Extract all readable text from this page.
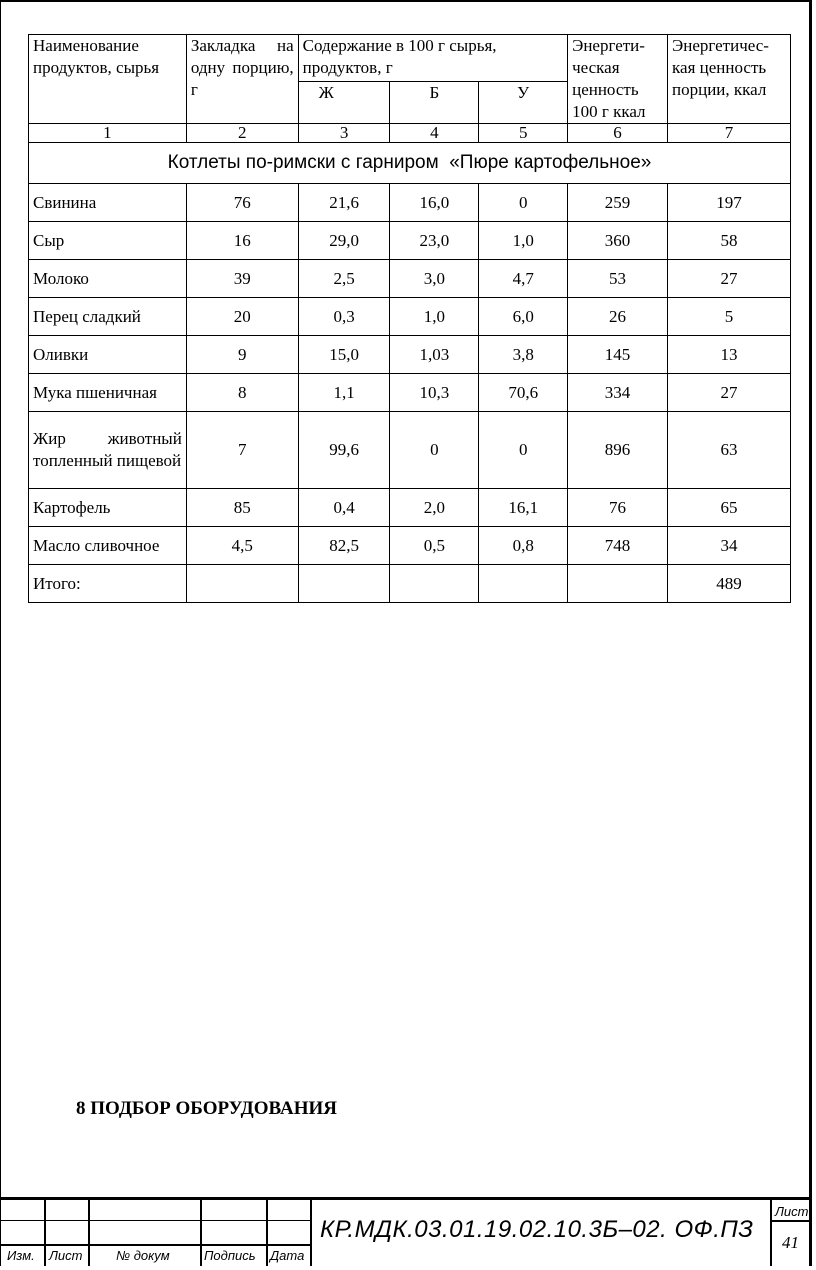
Наименование продуктов, сырья	Закладка на одну порцию, г	Содержание в 100 г сырья, продуктов, г			Энергети-ческая ценность 100 г ккал	Энергетичес-кая ценность порции, ккал
		Ж	Б	У		
1	2	3	4	5	6	7
Котлеты по-римски с гарниром  «Пюре картофельное»						
Свинина	76	21,6	16,0	0	259	197
Сыр	16	29,0	23,0	1,0	360	58
Молоко	39	2,5	3,0	4,7	53	27
Перец сладкий	20	0,3	1,0	6,0	26	5
Оливки	9	15,0	1,03	3,8	145	13
Мука пшеничная	8	1,1	10,3	70,6	334	27
Жир животный топленный пищевой	7	99,6	0	0	896	63
Картофель	85	0,4	2,0	16,1	76	65
Масло сливочное	4,5	82,5	0,5	0,8	748	34
Итого:						489
8 ПОДБОР ОБОРУДОВАНИЯ
Изм. Лист	№ докум	Подпись Дата
КР.МДК.03.01.19.02.10.3Б–02. ОФ.ПЗ
Лист
41
